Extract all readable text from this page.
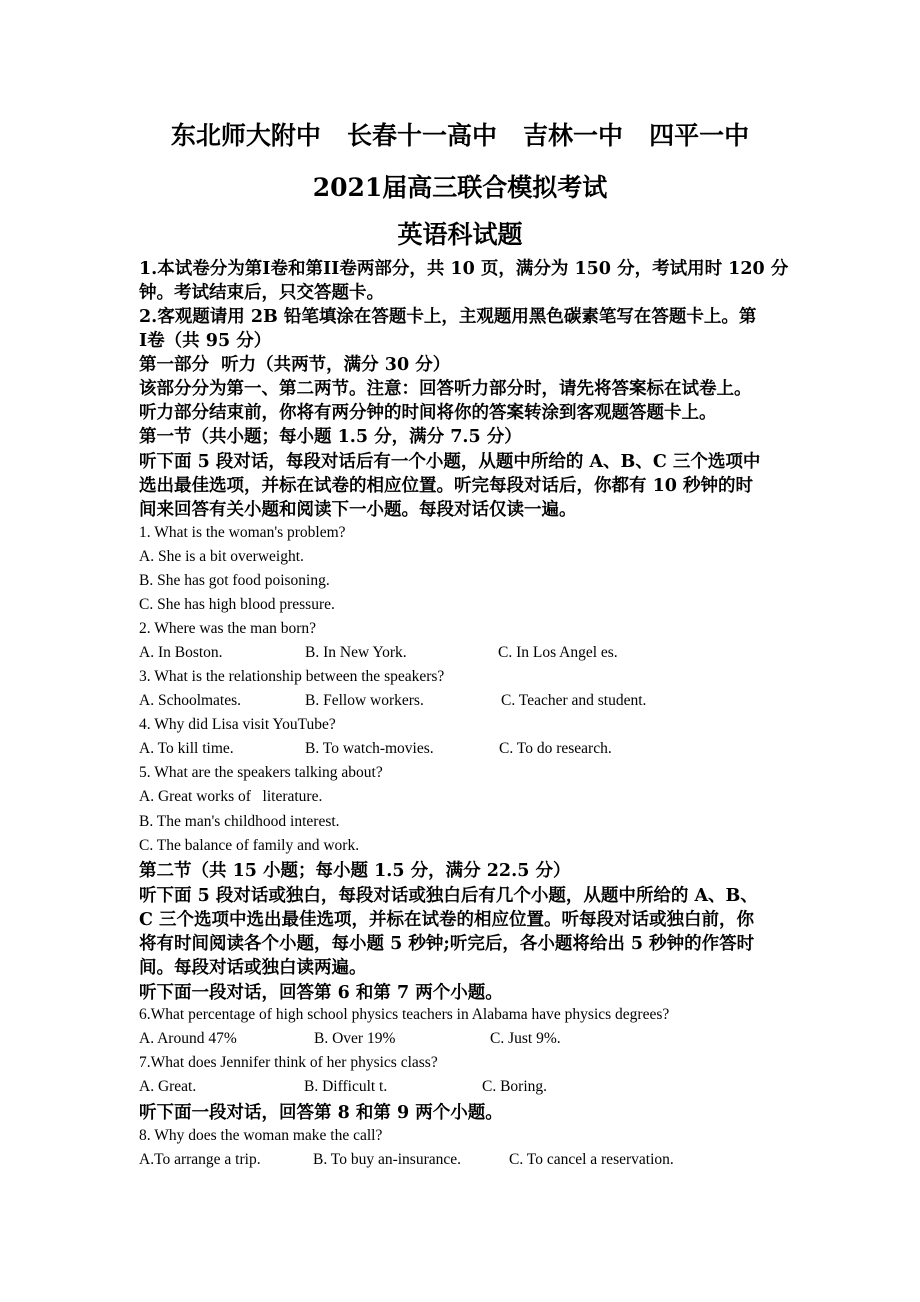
东北师大附中   长春十一高中   吉林一中   四平一中
2021届高三联合模拟考试
英语科试题
1.本试卷分为第I卷和第II卷两部分，共 10 页，满分为 150 分，考试用时 120 分
钟。考试结束后，只交答题卡。
2.客观题请用 2B 铅笔填涂在答题卡上，主观题用黑色碳素笔写在答题卡上。第
I卷（共 95 分）
第一部分  听力（共两节，满分 30 分）
该部分分为第一、第二两节。注意：回答听力部分时，请先将答案标在试卷上。
听力部分结束前，你将有两分钟的时间将你的答案转涂到客观题答题卡上。
第一节（共小题；每小题 1.5 分，满分 7.5 分）
听下面 5 段对话，每段对话后有一个小题，从题中所给的 A、B、C 三个选项中
选出最佳选项，并标在试卷的相应位置。听完每段对话后，你都有 10 秒钟的时
间来回答有关小题和阅读下一小题。每段对话仅读一遍。
1. What is the woman's problem?
A. She is a bit overweight.
B. She has got food poisoning.
C. She has high blood pressure.
2. Where was the man born?
A. In Boston.	B. In New York.	C. In Los Angel es.
3. What is the relationship between the speakers?
A. Schoolmates.	B. Fellow workers.	C. Teacher and student.
4. Why did Lisa visit YouTube?
A. To kill time.	B. To watch-movies.	C. To do research.
5. What are the speakers talking about?
A. Great works of   literature.
B. The man's childhood interest.
C. The balance of family and work.
第二节（共 15 小题；每小题 1.5 分，满分 22.5 分）
听下面 5 段对话或独白，每段对话或独白后有几个小题，从题中所给的 A、B、
C 三个选项中选出最佳选项，并标在试卷的相应位置。听每段对话或独白前，你
将有时间阅读各个小题，每小题 5 秒钟;听完后，各小题将给出 5 秒钟的作答时
间。每段对话或独白读两遍。
听下面一段对话，回答第 6 和第 7 两个小题。
6.What percentage of high school physics teachers in Alabama have physics degrees?
A. Around 47%	B. Over 19%	C. Just 9%.
7.What does Jennifer think of her physics class?
A. Great.	B. Difficult t.	C. Boring.
听下面一段对话，回答第 8 和第 9 两个小题。
8. Why does the woman make the call?
A.To arrange a trip.	B. To buy an-insurance.	C. To cancel a reservation.
